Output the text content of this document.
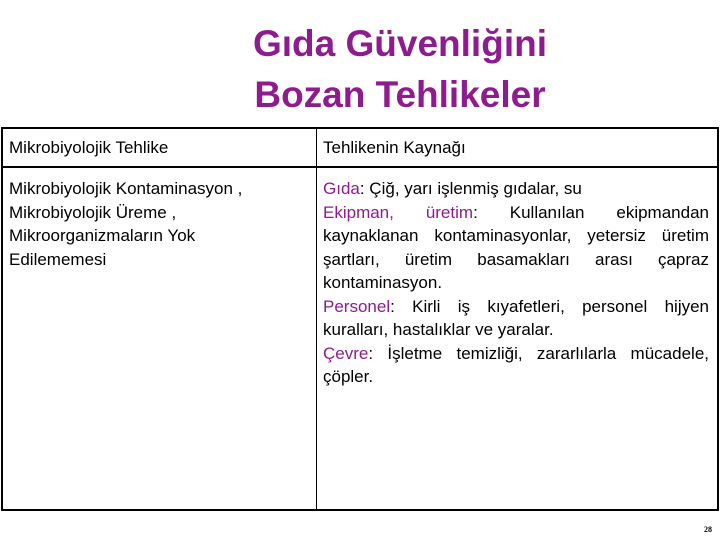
Gıda Güvenliğini
Bozan Tehlikeler
Mikrobiyolojik Tehlike	Tehlikenin Kaynağı
Mikrobiyolojik Kontaminasyon ,
Mikrobiyolojik Üreme ,
Mikroorganizmaların Yok
Edilememesi
Gıda: Çiğ, yarı işlenmiş gıdalar, su
Ekipman, üretim: Kullanılan ekipmandan kaynaklanan kontaminasyonlar, yetersiz üretim şartları, üretim basamakları arası çapraz kontaminasyon.
Personel: Kirli iş kıyafetleri, personel hijyen kuralları, hastalıklar ve yaralar.
Çevre: İşletme temizliği, zararlılarla mücadele, çöpler.
28
